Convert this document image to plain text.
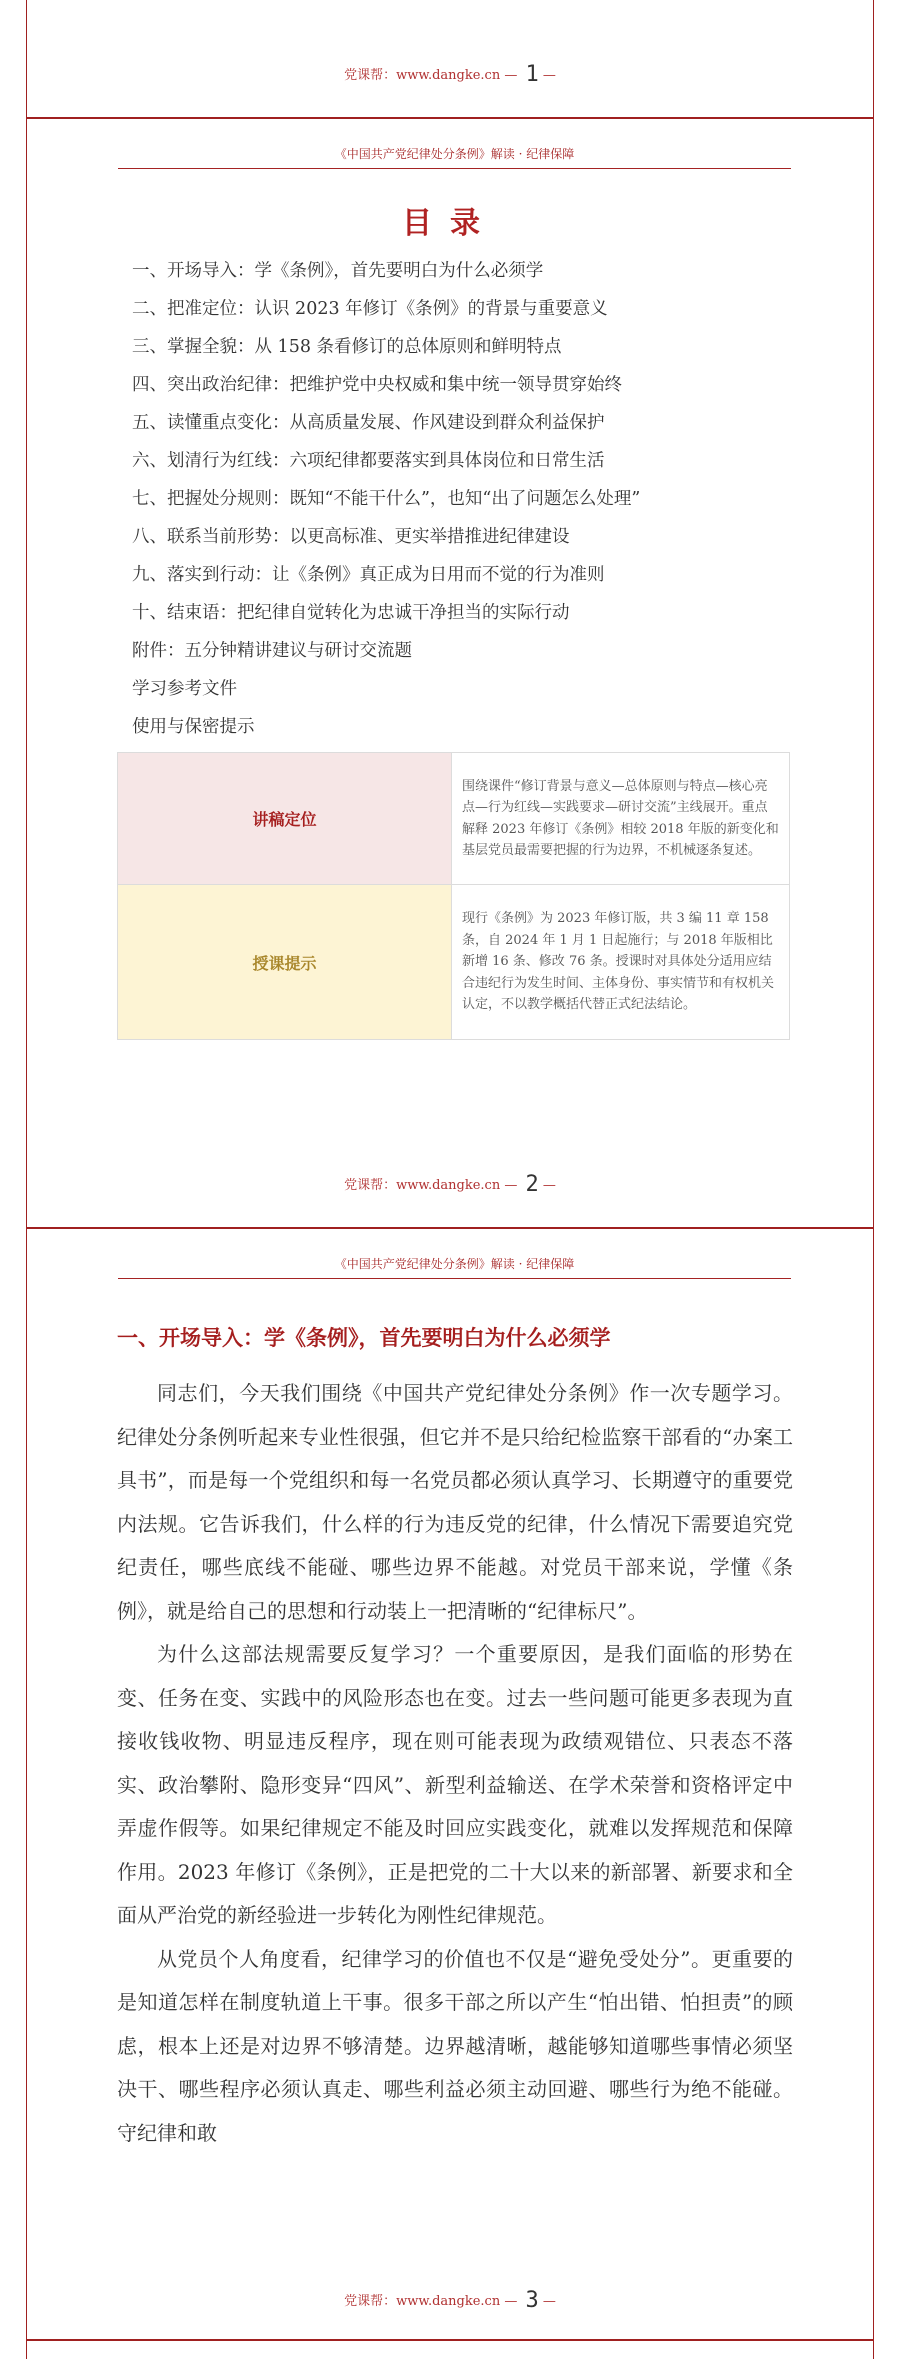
党课帮：www.dangke.cn — 1 —
《中国共产党纪律处分条例》解读 · 纪律保障
目录
一、开场导入：学《条例》，首先要明白为什么必须学
二、把准定位：认识 2023 年修订《条例》的背景与重要意义
三、掌握全貌：从 158 条看修订的总体原则和鲜明特点
四、突出政治纪律：把维护党中央权威和集中统一领导贯穿始终
五、读懂重点变化：从高质量发展、作风建设到群众利益保护
六、划清行为红线：六项纪律都要落实到具体岗位和日常生活
七、把握处分规则：既知“不能干什么”，也知“出了问题怎么处理”
八、联系当前形势：以更高标准、更实举措推进纪律建设
九、落实到行动：让《条例》真正成为日用而不觉的行为准则
十、结束语：把纪律自觉转化为忠诚干净担当的实际行动
附件：五分钟精讲建议与研讨交流题
学习参考文件
使用与保密提示
讲稿定位	围绕课件“修订背景与意义—总体原则与特点—核心亮点—行为红线—实践要求—研讨交流”主线展开。重点解释 2023 年修订《条例》相较 2018 年版的新变化和基层党员最需要把握的行为边界，不机械逐条复述。
授课提示	现行《条例》为 2023 年修订版，共 3 编 11 章 158 条，自 2024 年 1 月 1 日起施行；与 2018 年版相比新增 16 条、修改 76 条。授课时对具体处分适用应结合违纪行为发生时间、主体身份、事实情节和有权机关认定，不以教学概括代替正式纪法结论。
党课帮：www.dangke.cn — 2 —
《中国共产党纪律处分条例》解读 · 纪律保障
一、开场导入：学《条例》，首先要明白为什么必须学

同志们，今天我们围绕《中国共产党纪律处分条例》作一次专题学习。纪律处分条例听起来专业性很强，但它并不是只给纪检监察干部看的“办案工具书”，而是每一个党组织和每一名党员都必须认真学习、长期遵守的重要党内法规。它告诉我们，什么样的行为违反党的纪律，什么情况下需要追究党纪责任，哪些底线不能碰、哪些边界不能越。对党员干部来说，学懂《条例》，就是给自己的思想和行动装上一把清晰的“纪律标尺”。

为什么这部法规需要反复学习？一个重要原因，是我们面临的形势在变、任务在变、实践中的风险形态也在变。过去一些问题可能更多表现为直接收钱收物、明显违反程序，现在则可能表现为政绩观错位、只表态不落实、政治攀附、隐形变异“四风”、新型利益输送、在学术荣誉和资格评定中弄虚作假等。如果纪律规定不能及时回应实践变化，就难以发挥规范和保障作用。2023 年修订《条例》，正是把党的二十大以来的新部署、新要求和全面从严治党的新经验进一步转化为刚性纪律规范。

从党员个人角度看，纪律学习的价值也不仅是“避免受处分”。更重要的是知道怎样在制度轨道上干事。很多干部之所以产生“怕出错、怕担责”的顾虑，根本上还是对边界不够清楚。边界越清晰，越能够知道哪些事情必须坚决干、哪些程序必须认真走、哪些利益必须主动回避、哪些行为绝不能碰。守纪律和敢

党课帮：www.dangke.cn — 3 —
